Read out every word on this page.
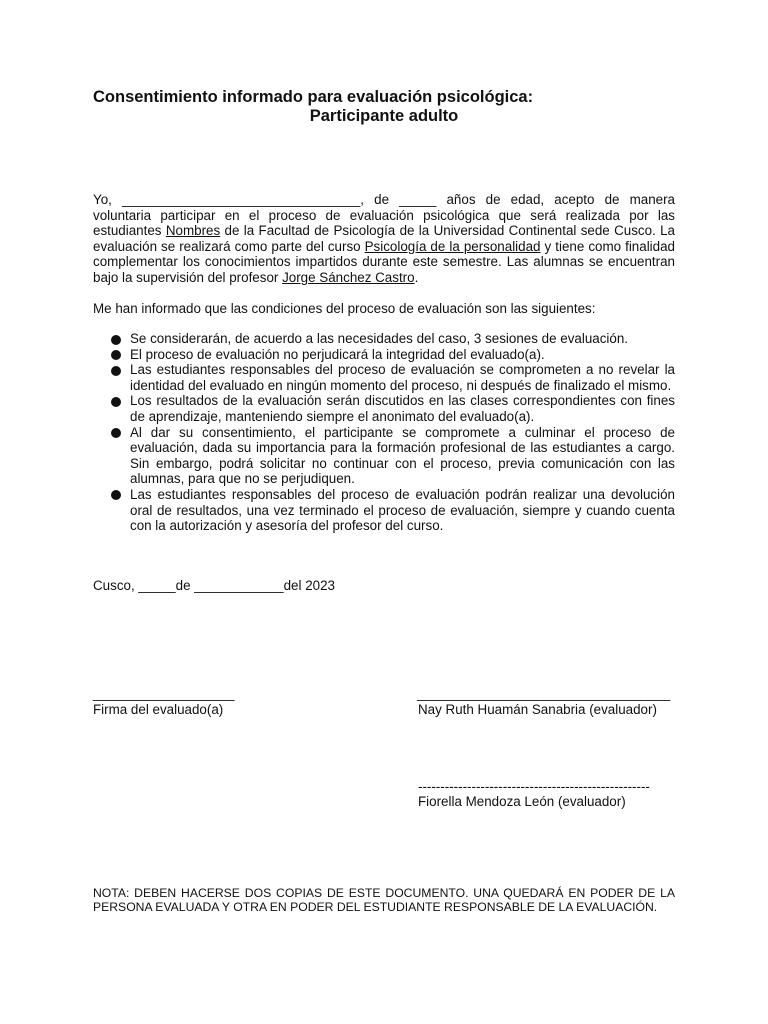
Consentimiento informado para evaluación psicológica:
Participante adulto
Yo, ________________________________, de _____ años de edad, acepto de manera voluntaria participar en el proceso de evaluación psicológica que será realizada por las estudiantes Nombres de la Facultad de Psicología de la Universidad Continental sede Cusco. La evaluación se realizará como parte del curso Psicología de la personalidad y tiene como finalidad complementar los conocimientos impartidos durante este semestre. Las alumnas se encuentran bajo la supervisión del profesor Jorge Sánchez Castro.
Me han informado que las condiciones del proceso de evaluación son las siguientes:
Se considerarán, de acuerdo a las necesidades del caso, 3 sesiones de evaluación.
El proceso de evaluación no perjudicará la integridad del evaluado(a).
Las estudiantes responsables del proceso de evaluación se comprometen a no revelar la identidad del evaluado en ningún momento del proceso, ni después de finalizado el mismo.
Los resultados de la evaluación serán discutidos en las clases correspondientes con fines de aprendizaje, manteniendo siempre el anonimato del evaluado(a).
Al dar su consentimiento, el participante se compromete a culminar el proceso de evaluación, dada su importancia para la formación profesional de las estudiantes a cargo. Sin embargo, podrá solicitar no continuar con el proceso, previa comunicación con las alumnas, para que no se perjudiquen.
Las estudiantes responsables del proceso de evaluación podrán realizar una devolución oral de resultados, una vez terminado el proceso de evaluación, siempre y cuando cuenta con la autorización y asesoría del profesor del curso.
Cusco, _____de ____________del 2023
___________________
Firma del evaluado(a)
__________________________________
Nay Ruth Huamán Sanabria (evaluador)
----------------------------------------------------
Fiorella Mendoza León (evaluador)
NOTA: DEBEN HACERSE DOS COPIAS DE ESTE DOCUMENTO. UNA QUEDARÁ EN PODER DE LA PERSONA EVALUADA Y OTRA EN PODER DEL ESTUDIANTE RESPONSABLE DE LA EVALUACIÓN.
